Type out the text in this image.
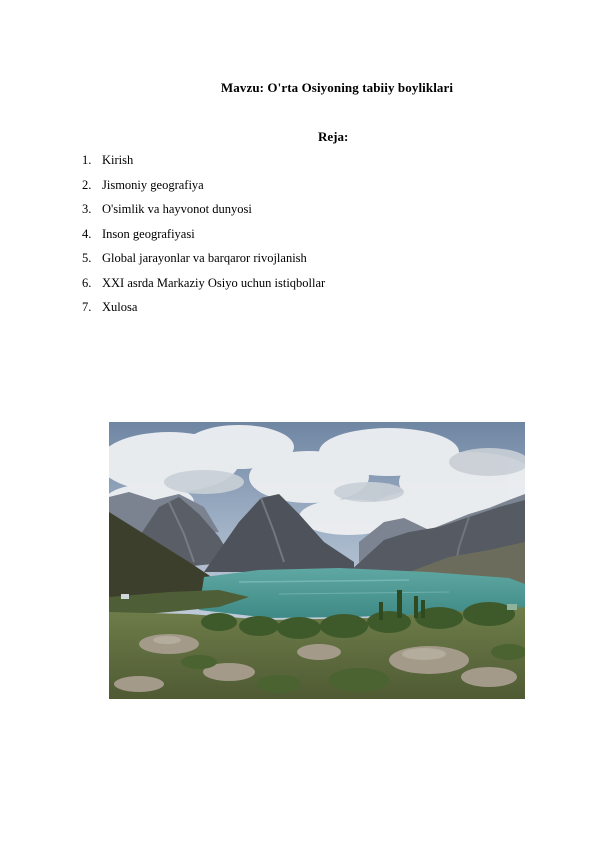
Mavzu: O'rta Osiyoning tabiiy boyliklari
Reja:
1. Kirish
2. Jismoniy geografiya
3. O'simlik va hayvonot dunyosi
4. Inson geografiyasi
5. Global jarayonlar va barqaror rivojlanish
6. XXI asrda Markaziy Osiyo uchun istiqbollar
7. Xulosa
